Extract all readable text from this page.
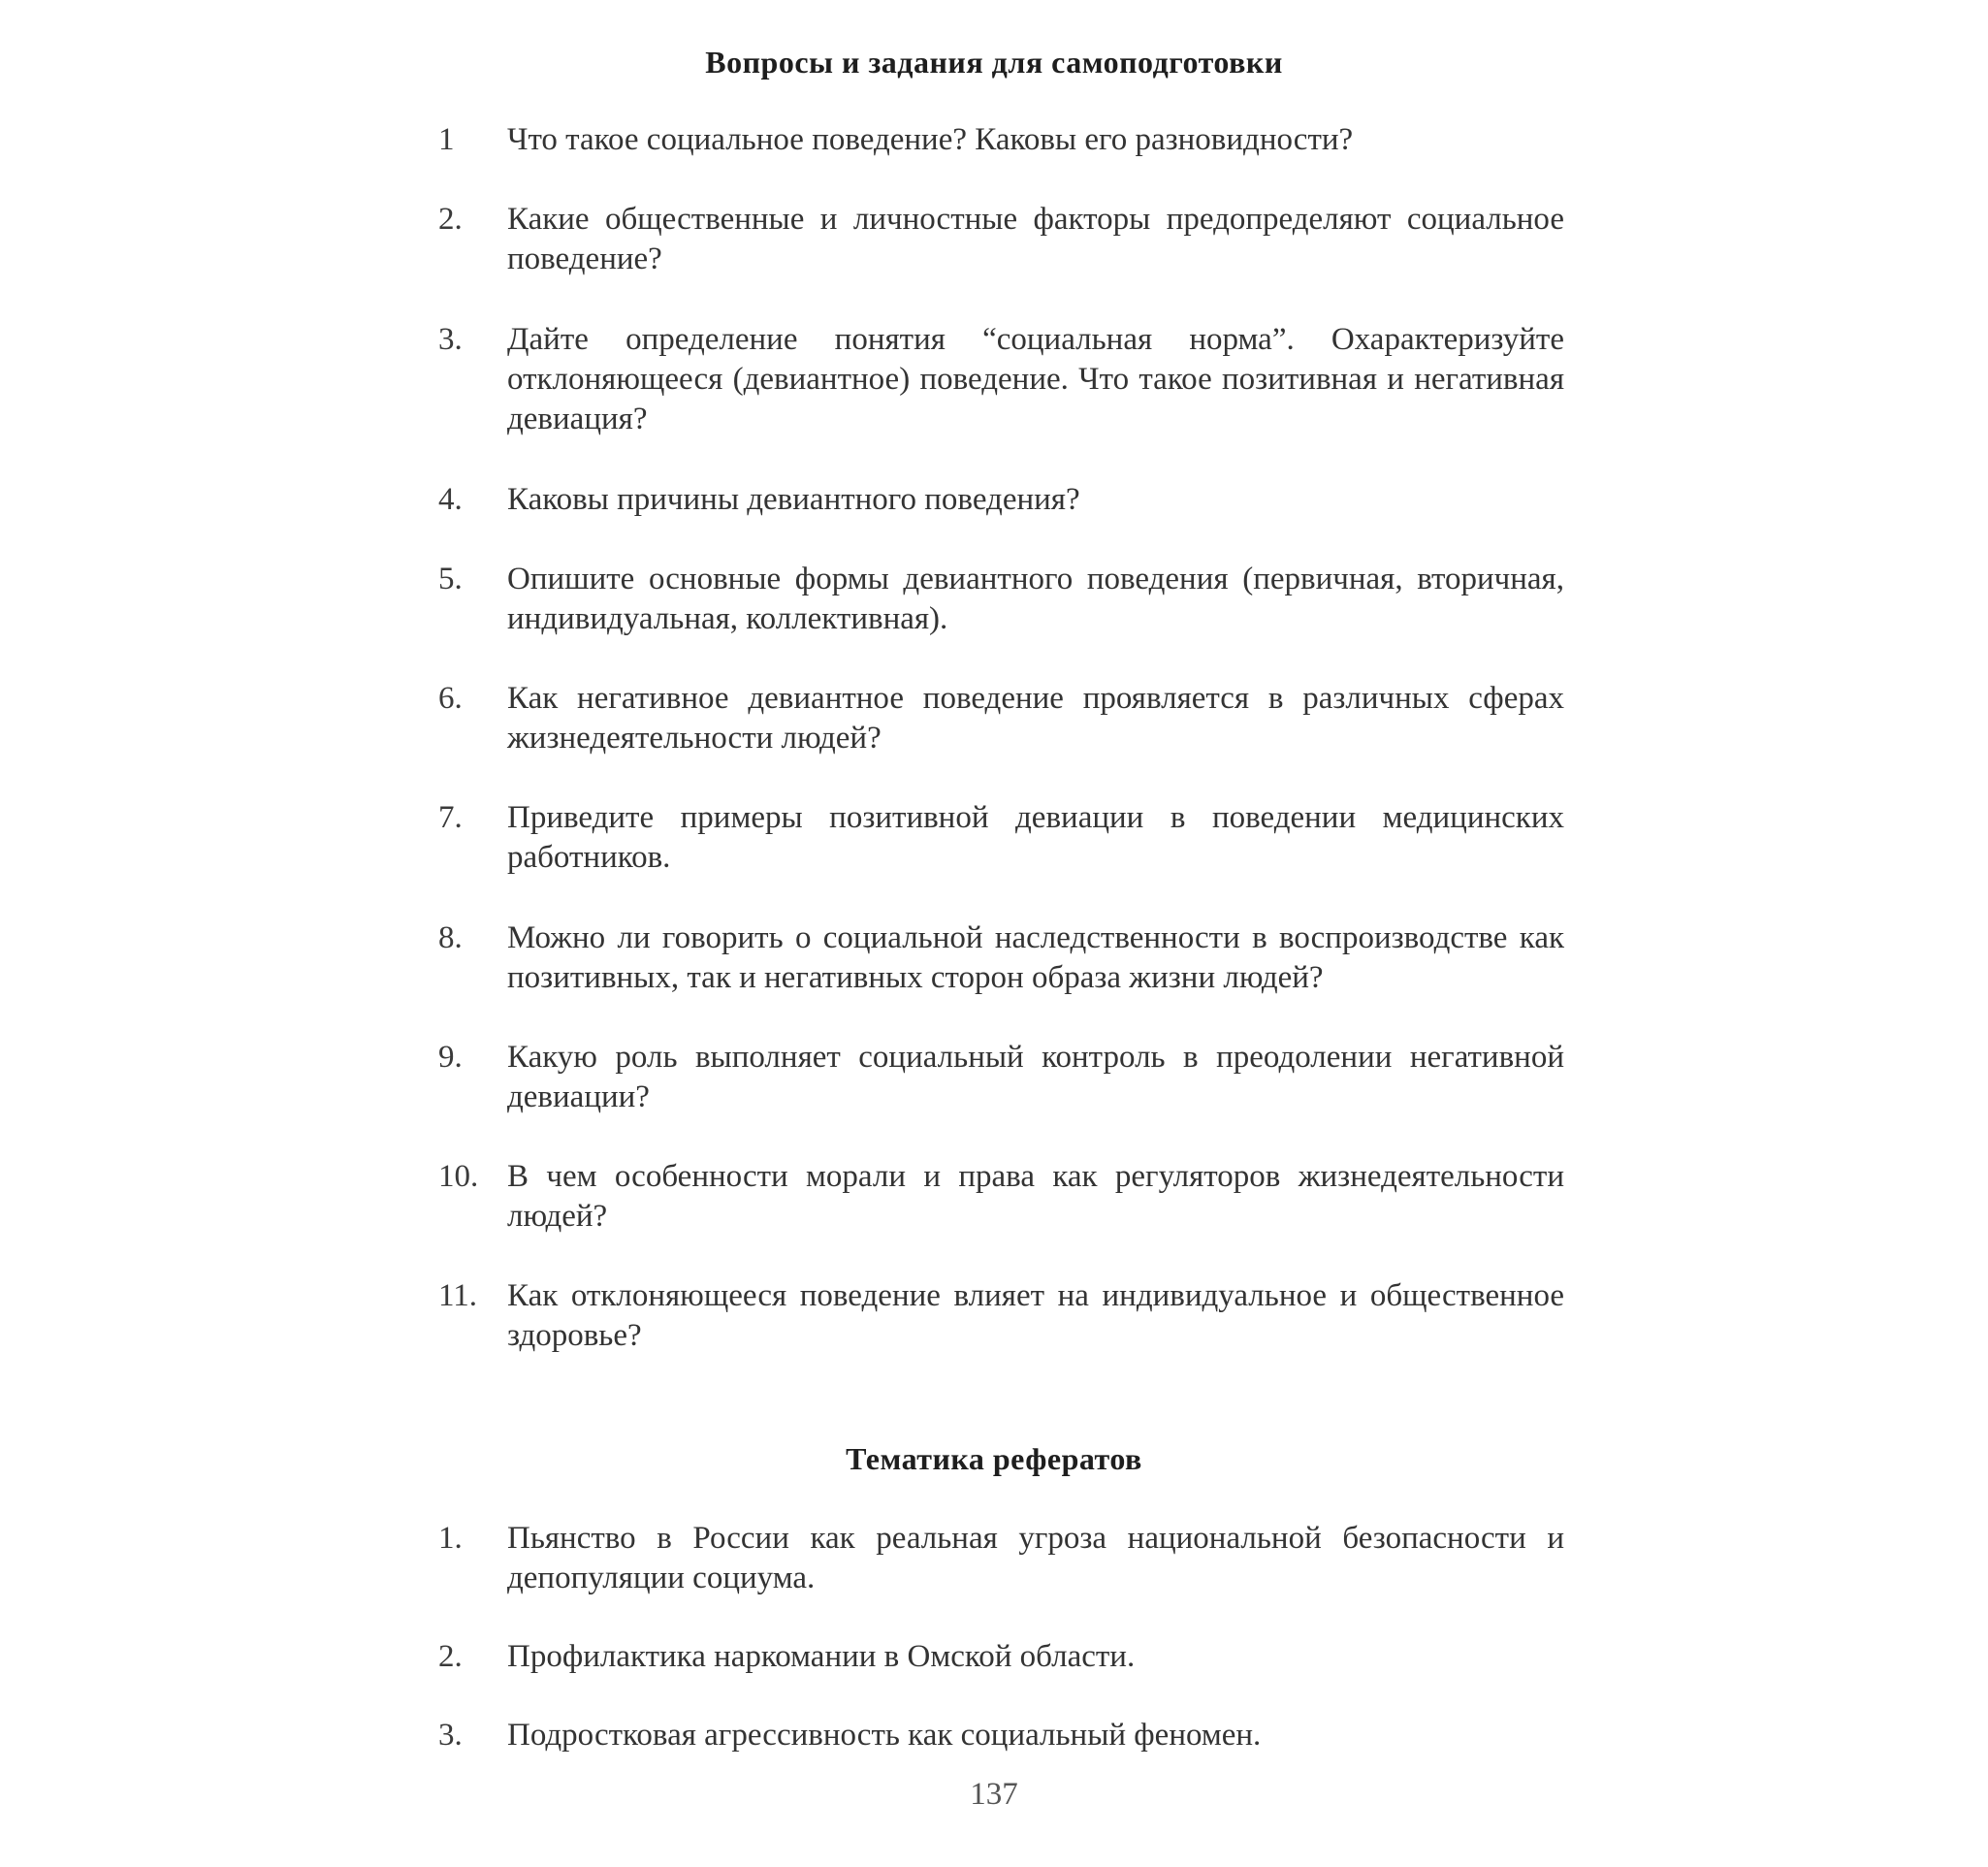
Вопросы и задания для самоподготовки
1	Что такое социальное поведение? Каковы его разновидности?
2.	Какие общественные и личностные факторы предопределяют социальное поведение?
3.	Дайте определение понятия “социальная норма”. Охарактеризуйте отклоняющееся (девиантное) поведение. Что такое позитивная и негативная девиация?
4.	Каковы причины девиантного поведения?
5.	Опишите основные формы девиантного поведения (первичная, вторичная, индивидуальная, коллективная).
6.	Как негативное девиантное поведение проявляется в различных сферах жизнедеятельности людей?
7.	Приведите примеры позитивной девиации в поведении медицинских работников.
8.	Можно ли говорить о социальной наследственности в воспроизводстве как позитивных, так и негативных сторон образа жизни людей?
9.	Какую роль выполняет социальный контроль в преодолении негативной девиации?
10. В чем особенности морали и права как регуляторов жизнедеятельности людей?
11. Как отклоняющееся поведение влияет на индивидуальное и общественное здоровье?
Тематика рефератов
1.	Пьянство в России как реальная угроза национальной безопасности и депопуляции социума.
2.	Профилактика наркомании в Омской области.
3.	Подростковая агрессивность как социальный феномен.
137
